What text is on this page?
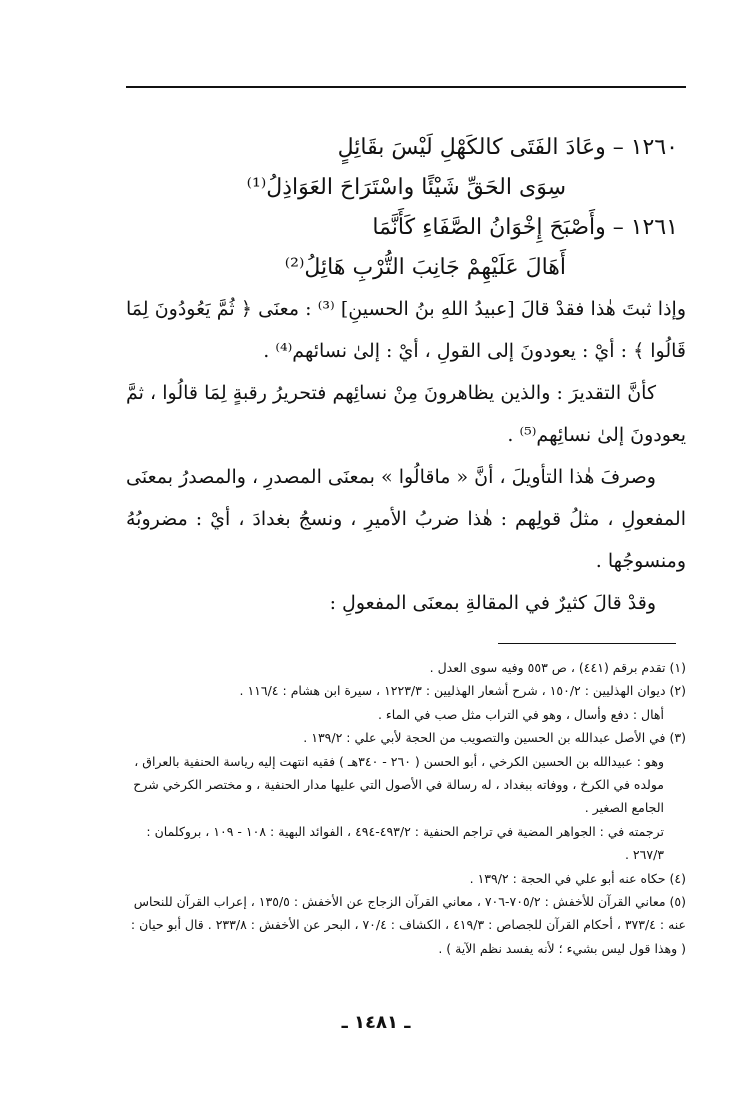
١٢٦٠ – وعَادَ الفَتَى كالكَهْلِ لَيْسَ بقَائِلٍ
سِوَى الحَقِّ شَيْئًا واسْتَرَاحَ العَوَاذِلُ⁽¹⁾
١٢٦١ – وأَصْبَحَ إِخْوَانُ الصَّفَاءِ كَأَنَّمَا
أَهَالَ عَلَيْهِمْ جَانِبَ التُّرْبِ هَائِلُ⁽²⁾

وإذا ثبتَ هٰذا فقدْ قالَ [عبيدُ اللهِ بنُ الحسينِ] ⁽³⁾ : معنَى ﴿ ثُمَّ يَعُودُونَ لِمَا قَالُوا ﴾ : أيْ : يعودونَ إلى القولِ ، أيْ : إلىٰ نسائهم⁽⁴⁾ .

كأنَّ التقديرَ : والذين يظاهرونَ مِنْ نسائِهم فتحريرُ رقبةٍ لِمَا قالُوا ، ثمَّ يعودونَ إلىٰ نسائِهم⁽⁵⁾ .

وصرفَ هٰذا التأويلَ ، أنَّ « ماقالُوا » بمعنَى المصدرِ ، والمصدرُ بمعنَى المفعولِ ، مثلُ قولِهم : هٰذا ضربُ الأميرِ ، ونسجُ بغدادَ ، أيْ : مضروبُهُ ومنسوجُها .

وقدْ قالَ كثيرٌ في المقالةِ بمعنَى المفعولِ :

(١) تقدم برقم (٤٤١) ، ص ٥٥٣ وفيه سوى العدل .

(٢) ديوان الهذليين : ١٥٠/٢ ، شرح أشعار الهذليين : ١٢٢٣/٣ ، سيرة ابن هشام : ١١٦/٤ .

أهال : دفع وأسال ، وهو في التراب مثل صب في الماء .

(٣) في الأصل عبدالله بن الحسين والتصويب من الحجة لأبي علي : ١٣٩/٢ .

وهو : عبيدالله بن الحسين الكرخي ، أبو الحسن ( ٢٦٠ - ٣٤٠هـ ) فقيه انتهت إليه رياسة الحنفية بالعراق ، مولده في الكرخ ، ووفاته ببغداد ، له رسالة في الأصول التي عليها مدار الحنفية ، و مختصر الكرخي شرح الجامع الصغير .

ترجمته في : الجواهر المضية في تراجم الحنفية : ٤٩٣/٢-٤٩٤ ، الفوائد البهية : ١٠٨ - ١٠٩ ، بروكلمان : ٢٦٧/٣ .

(٤) حكاه عنه أبو علي في الحجة : ١٣٩/٢ .

(٥) معاني القرآن للأخفش : ٧٠٥/٢-٧٠٦ ، معاني القرآن الزجاج عن الأخفش : ١٣٥/٥ ، إعراب القرآن للنحاس عنه : ٣٧٣/٤ ، أحكام القرآن للجصاص : ٤١٩/٣ ، الكشاف : ٧٠/٤ ، البحر عن الأخفش : ٢٣٣/٨ . قال أبو حيان : ( وهذا قول ليس بشيء ؛ لأنه يفسد نظم الآية ) .

ـ ١٤٨١ ـ
